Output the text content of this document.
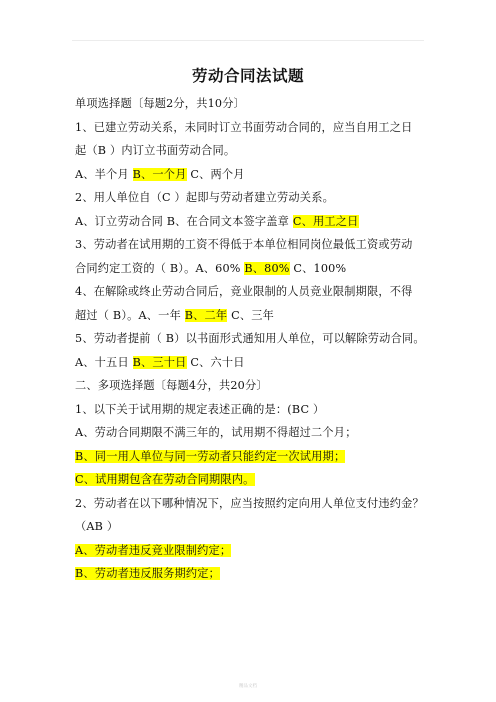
劳动合同法试题

单项选择题〔每题2分，共10分〕

1、已建立劳动关系，未同时订立书面劳动合同的，应当自用工之日

起（B ）内订立书面劳动合同。

A、半个月 B、一个月 C、两个月

2、用人单位自（C ）起即与劳动者建立劳动关系。

A、订立劳动合同 B、在合同文本签字盖章 C、用工之日

3、劳动者在试用期的工资不得低于本单位相同岗位最低工资或劳动

合同约定工资的（ B）。A、60% B、80% C、100%

4、在解除或终止劳动合同后，竞业限制的人员竞业限制期限，不得

超过（ B）。A、一年 B、二年 C、三年

5、劳动者提前（ B）以书面形式通知用人单位，可以解除劳动合同。

A、十五日 B、三十日 C、六十日

二、多项选择题〔每题4分，共20分〕

1、以下关于试用期的规定表述正确的是：(BC ）

A、劳动合同期限不满三年的，试用期不得超过二个月；

B、同一用人单位与同一劳动者只能约定一次试用期；

C、试用期包含在劳动合同期限内。

2、劳动者在以下哪种情况下，应当按照约定向用人单位支付违约金？

（AB ）

A、劳动者违反竞业限制约定；

B、劳动者违反服务期约定；

精品文档
